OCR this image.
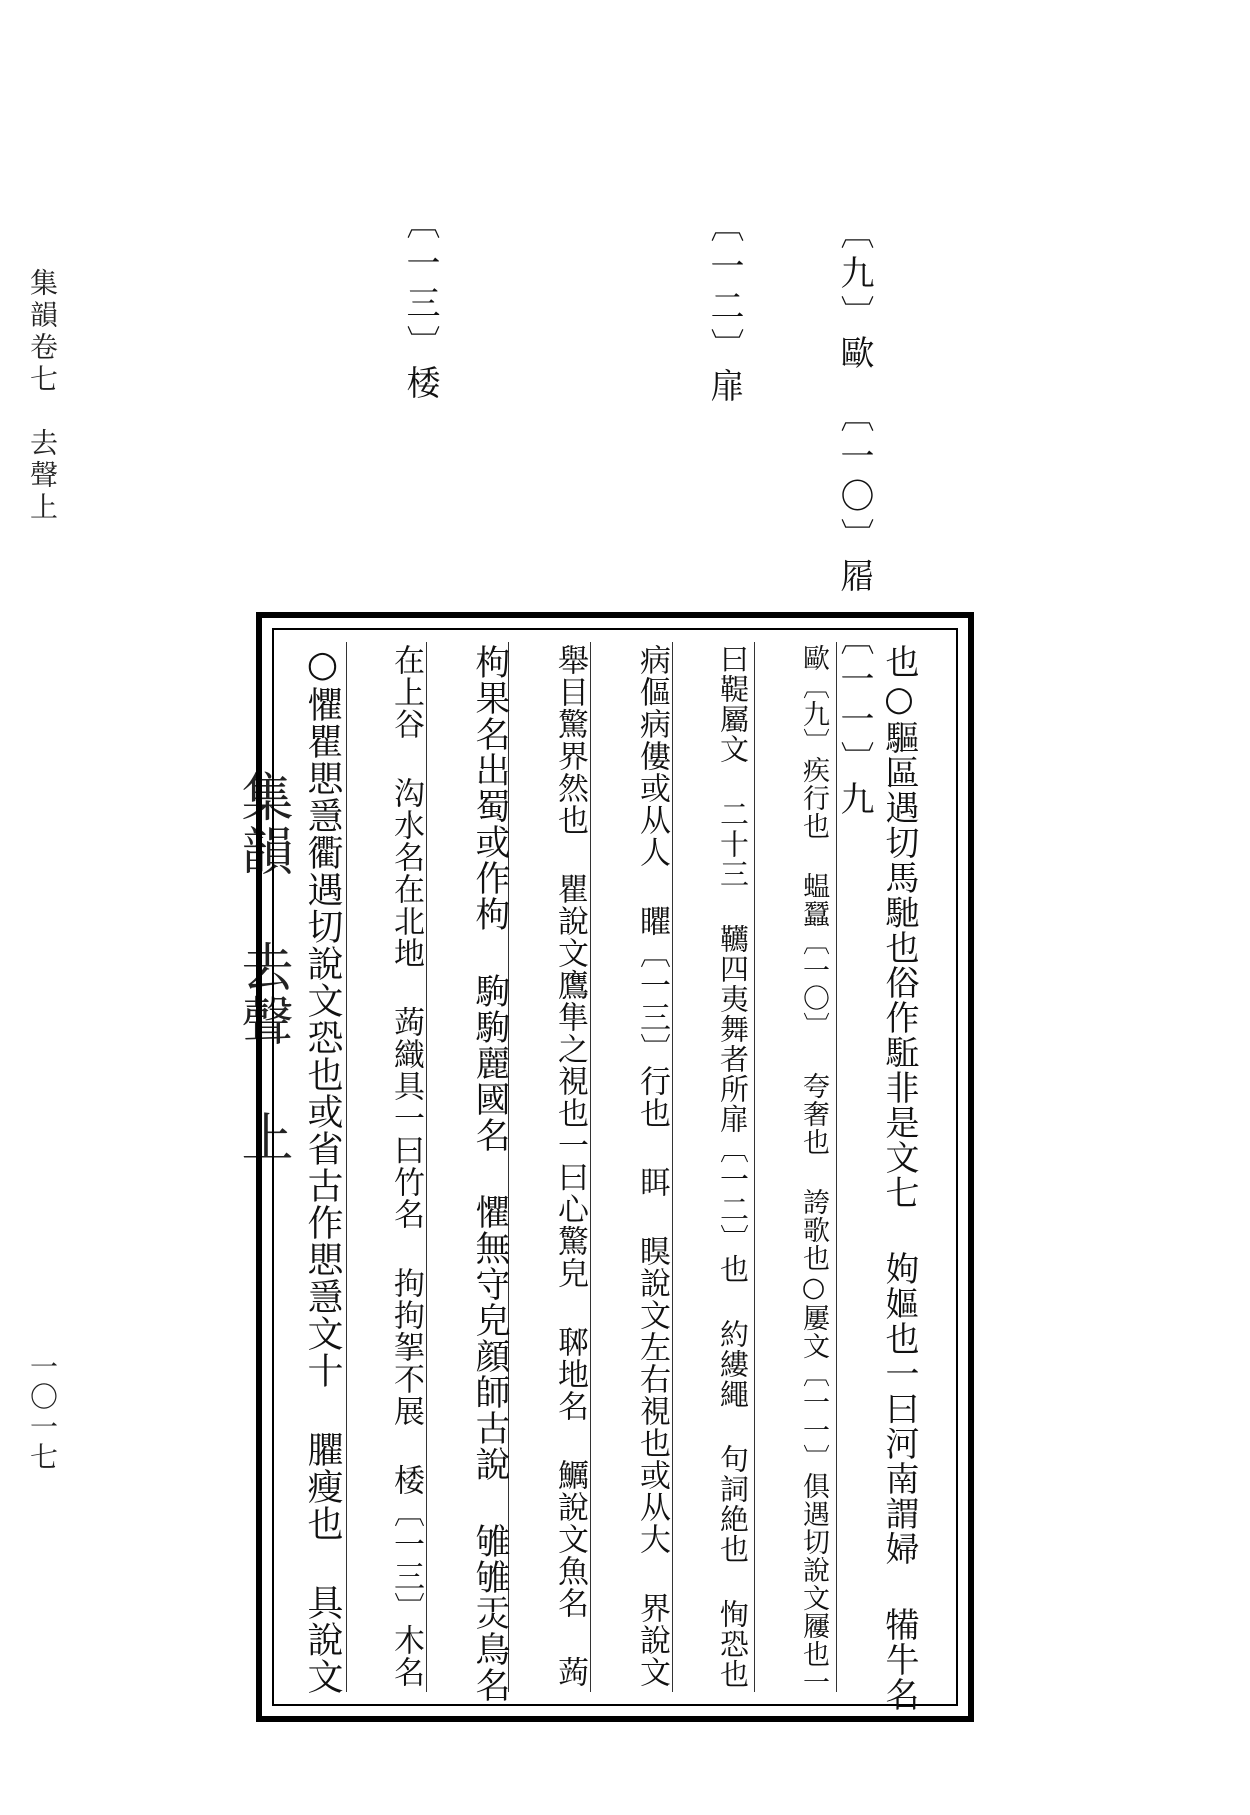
集韻卷七　去聲上
一〇一七
〔九〕歐　〔一〇〕㞛　〔一一〕九
〔一二〕扉
〔一三〕㮃
集韻 去聲 上	也○驅區遇切馬馳也俗作駈非是文七 姁嫗也一曰河南謂婦 犕牛名
歐〔九〕疾行也 蝹蠶〔一〇〕 夸奢也 誇歌也○屢文〔一一〕俱遇切說文屨也一
曰鞮屬文 二十三 韉四夷舞者所扉〔一二〕也 約縷繩 句詞絶也 恂恐也
病傴病僂或从人 䂂〔一三〕行也 眲 瞁說文左右視也或从大 界說文
舉目驚界然也 瞿說文鷹隼之視也一曰心驚皃 郰地名 鱱說文魚名 蒟
枸果名出蜀或作枸 駒駒麗國名 懼無守皃顔師古說 雊雊㶣鳥名
在上谷 沟水名在北地 蒟織具一曰竹名 拘拘挐不展 㮃〔一三〕木名
○懼瞿愳㥯衢遇切說文恐也或省古作愳㥯文十 臞瘦也 具說文
